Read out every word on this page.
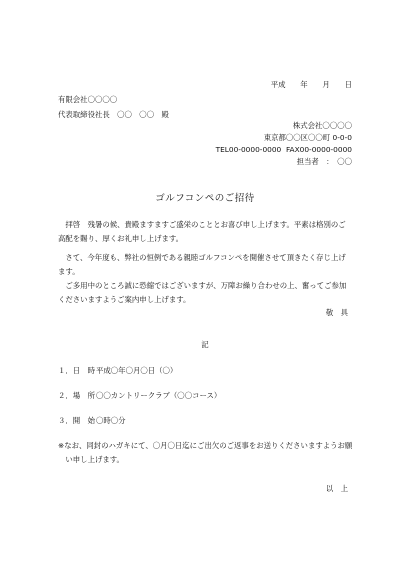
平成　　年　　月　　日
有限会社〇〇〇〇
代表取締役社長　〇〇　〇〇　殿
株式会社〇〇〇〇
東京都〇〇区〇〇町 0-0-0
TEL00-0000-0000  FAX00-0000-0000
担当者　：　〇〇
ゴルフコンペのご招待
　拝啓　残暑の候、貴殿ますますご盛栄のこととお喜び申し上げます。平素は格別のご
高配を賜り、厚くお礼申し上げます。
　さて、今年度も、弊社の恒例である親睦ゴルフコンペを開催させて頂きたく存じ上げ
ます。
　ご多用中のところ誠に恐縮ではございますが、万障お繰り合わせの上、奮ってご参加
くださいますようご案内申し上げます。
敬　具
記
１．日　時平成〇年〇月〇日（〇）
２．場　所〇〇カントリークラブ（〇〇コース）
３．開　始〇時〇分
※なお、同封のハガキにて、〇月〇日迄にご出欠のご返事をお送りくださいますようお願
　い申し上げます。
以　上
